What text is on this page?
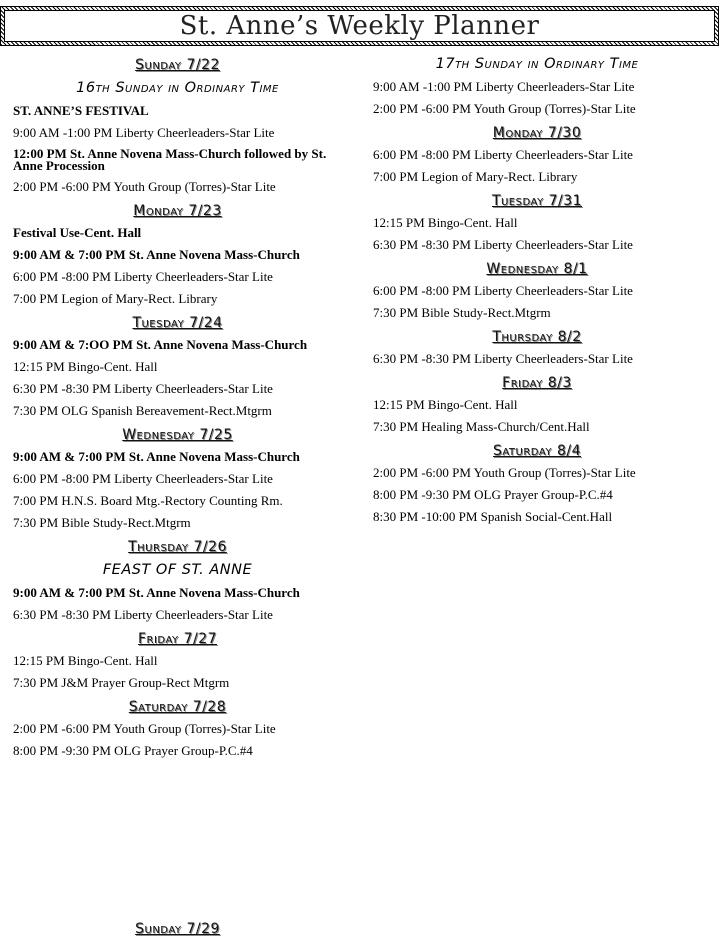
St. Anne’s Weekly Planner
Sunday 7/22
16th Sunday in Ordinary Time
ST. ANNE’S FESTIVAL
9:00 AM -1:00 PM Liberty Cheerleaders-Star Lite
12:00 PM St. Anne Novena Mass-Church followed by St. Anne Procession
2:00 PM -6:00 PM Youth Group (Torres)-Star Lite
Monday 7/23
Festival Use-Cent. Hall
9:00 AM & 7:00 PM St. Anne Novena Mass-Church
6:00 PM -8:00 PM Liberty Cheerleaders-Star Lite
7:00 PM Legion of Mary-Rect. Library
Tuesday 7/24
9:00 AM & 7:OO PM St. Anne Novena Mass-Church
12:15 PM Bingo-Cent. Hall
6:30 PM -8:30 PM Liberty Cheerleaders-Star Lite
7:30 PM OLG Spanish Bereavement-Rect.Mtgrm
Wednesday 7/25
9:00 AM & 7:00 PM St. Anne Novena Mass-Church
6:00 PM -8:00 PM Liberty Cheerleaders-Star Lite
7:00 PM H.N.S. Board Mtg.-Rectory Counting Rm.
7:30 PM Bible Study-Rect.Mtgrm
Thursday 7/26
FEAST OF ST. ANNE
9:00 AM & 7:00 PM St. Anne Novena Mass-Church
6:30 PM -8:30 PM Liberty Cheerleaders-Star Lite
Friday 7/27
12:15 PM Bingo-Cent. Hall
7:30 PM J&M Prayer Group-Rect Mtgrm
Saturday 7/28
2:00 PM -6:00 PM Youth Group (Torres)-Star Lite
8:00 PM -9:30 PM OLG Prayer Group-P.C.#4
17th Sunday in Ordinary Time
9:00 AM -1:00 PM Liberty Cheerleaders-Star Lite
2:00 PM -6:00 PM Youth Group (Torres)-Star Lite
Monday 7/30
6:00 PM -8:00 PM Liberty Cheerleaders-Star Lite
7:00 PM Legion of Mary-Rect. Library
Tuesday 7/31
12:15 PM Bingo-Cent. Hall
6:30 PM -8:30 PM Liberty Cheerleaders-Star Lite
Wednesday 8/1
6:00 PM -8:00 PM Liberty Cheerleaders-Star Lite
7:30 PM Bible Study-Rect.Mtgrm
Thursday 8/2
6:30 PM -8:30 PM Liberty Cheerleaders-Star Lite
Friday 8/3
12:15 PM Bingo-Cent. Hall
7:30 PM Healing Mass-Church/Cent.Hall
Saturday 8/4
2:00 PM -6:00 PM Youth Group (Torres)-Star Lite
8:00 PM -9:30 PM OLG Prayer Group-P.C.#4
8:30 PM -10:00 PM Spanish Social-Cent.Hall
Sunday 7/29
